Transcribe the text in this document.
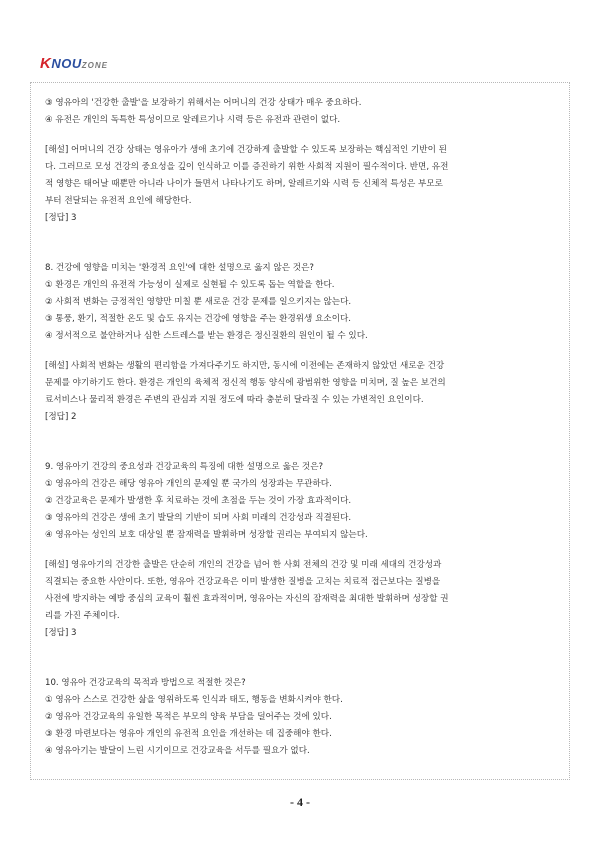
KNOUZONE
③ 영유아의 '건강한 출발'을 보장하기 위해서는 어머니의 건강 상태가 매우 중요하다.
④ 유전은 개인의 독특한 특성이므로 알레르기나 시력 등은 유전과 관련이 없다.
[해설] 어머니의 건강 상태는 영유아가 생애 초기에 건강하게 출발할 수 있도록 보장하는 핵심적인 기반이 된
다. 그러므로 모성 건강의 중요성을 깊이 인식하고 이를 증진하기 위한 사회적 지원이 필수적이다. 반면, 유전
적 영향은 태어날 때뿐만 아니라 나이가 들면서 나타나기도 하며, 알레르기와 시력 등 신체적 특성은 부모로
부터 전달되는 유전적 요인에 해당한다.
[정답] 3
8. 건강에 영향을 미치는 '환경적 요인'에 대한 설명으로 옳지 않은 것은?
① 환경은 개인의 유전적 가능성이 실제로 실현될 수 있도록 돕는 역할을 한다.
② 사회적 변화는 긍정적인 영향만 미칠 뿐 새로운 건강 문제를 일으키지는 않는다.
③ 통풍, 환기, 적절한 온도 및 습도 유지는 건강에 영향을 주는 환경위생 요소이다.
④ 정서적으로 불안하거나 심한 스트레스를 받는 환경은 정신질환의 원인이 될 수 있다.
[해설] 사회적 변화는 생활의 편리함을 가져다주기도 하지만, 동시에 이전에는 존재하지 않았던 새로운 건강
문제를 야기하기도 한다. 환경은 개인의 육체적 정신적 행동 양식에 광범위한 영향을 미치며, 질 높은 보건의
료서비스나 물리적 환경은 주변의 관심과 지원 정도에 따라 충분히 달라질 수 있는 가변적인 요인이다.
[정답] 2
9. 영유아기 건강의 중요성과 건강교육의 특징에 대한 설명으로 옳은 것은?
① 영유아의 건강은 해당 영유아 개인의 문제일 뿐 국가의 성장과는 무관하다.
② 건강교육은 문제가 발생한 후 치료하는 것에 초점을 두는 것이 가장 효과적이다.
③ 영유아의 건강은 생애 초기 발달의 기반이 되며 사회 미래의 건강성과 직결된다.
④ 영유아는 성인의 보호 대상일 뿐 잠재력을 발휘하며 성장할 권리는 부여되지 않는다.
[해설] 영유아기의 건강한 출발은 단순히 개인의 건강을 넘어 한 사회 전체의 건강 및 미래 세대의 건강성과
직결되는 중요한 사안이다. 또한, 영유아 건강교육은 이미 발생한 질병을 고치는 치료적 접근보다는 질병을
사전에 방지하는 예방 중심의 교육이 훨씬 효과적이며, 영유아는 자신의 잠재력을 최대한 발휘하며 성장할 권
리를 가진 주체이다.
[정답] 3
10. 영유아 건강교육의 목적과 방법으로 적절한 것은?
① 영유아 스스로 건강한 삶을 영위하도록 인식과 태도, 행동을 변화시켜야 한다.
② 영유아 건강교육의 유일한 목적은 부모의 양육 부담을 덜어주는 것에 있다.
③ 환경 마련보다는 영유아 개인의 유전적 요인을 개선하는 데 집중해야 한다.
④ 영유아기는 발달이 느린 시기이므로 건강교육을 서두를 필요가 없다.
- 4 -
